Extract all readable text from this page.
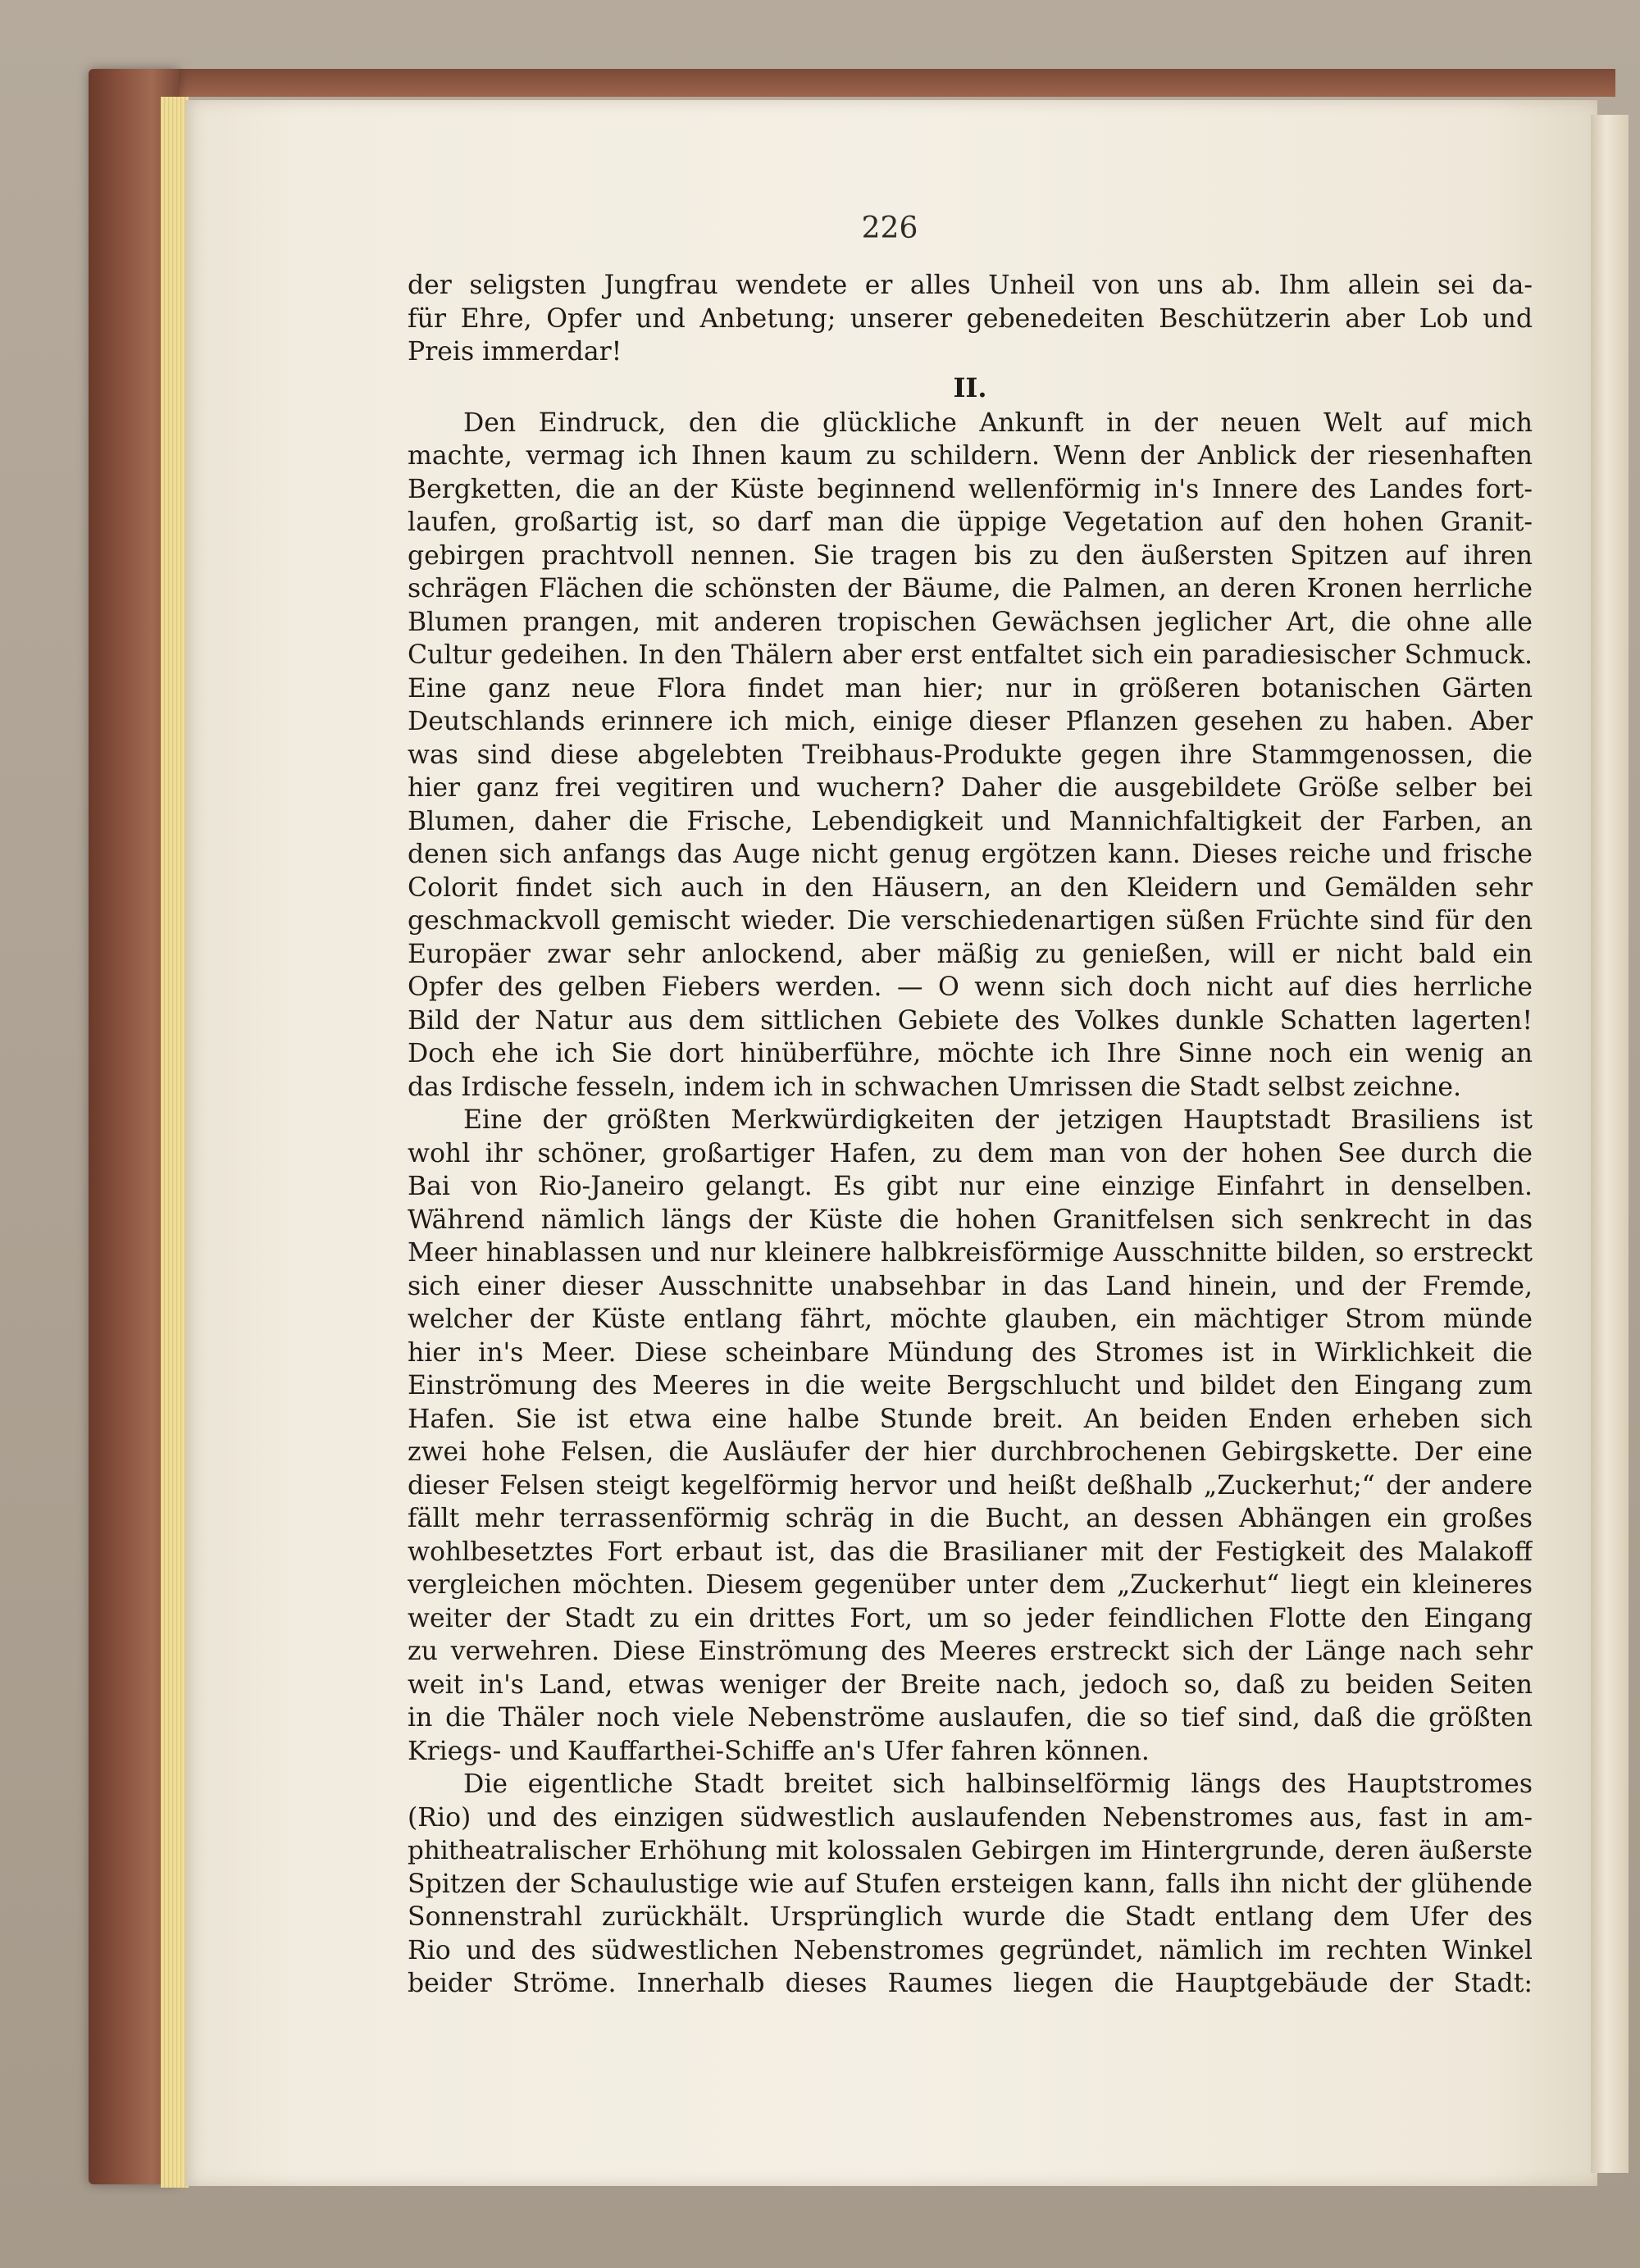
226

der seligsten Jungfrau wendete er alles Unheil von uns ab. Ihm allein sei da-
für Ehre, Opfer und Anbetung; unserer gebenedeiten Beschützerin aber Lob und
Preis immerdar!

II.

Den Eindruck, den die glückliche Ankunft in der neuen Welt auf mich
machte, vermag ich Ihnen kaum zu schildern. Wenn der Anblick der riesenhaften
Bergketten, die an der Küste beginnend wellenförmig in's Innere des Landes fort-
laufen, großartig ist, so darf man die üppige Vegetation auf den hohen Granit-
gebirgen prachtvoll nennen. Sie tragen bis zu den äußersten Spitzen auf ihren
schrägen Flächen die schönsten der Bäume, die Palmen, an deren Kronen herrliche
Blumen prangen, mit anderen tropischen Gewächsen jeglicher Art, die ohne alle
Cultur gedeihen. In den Thälern aber erst entfaltet sich ein paradiesischer Schmuck.
Eine ganz neue Flora findet man hier; nur in größeren botanischen Gärten
Deutschlands erinnere ich mich, einige dieser Pflanzen gesehen zu haben. Aber
was sind diese abgelebten Treibhaus-Produkte gegen ihre Stammgenossen, die
hier ganz frei vegitiren und wuchern? Daher die ausgebildete Größe selber bei
Blumen, daher die Frische, Lebendigkeit und Mannichfaltigkeit der Farben, an
denen sich anfangs das Auge nicht genug ergötzen kann. Dieses reiche und frische
Colorit findet sich auch in den Häusern, an den Kleidern und Gemälden sehr
geschmackvoll gemischt wieder. Die verschiedenartigen süßen Früchte sind für den
Europäer zwar sehr anlockend, aber mäßig zu genießen, will er nicht bald ein
Opfer des gelben Fiebers werden. — O wenn sich doch nicht auf dies herrliche
Bild der Natur aus dem sittlichen Gebiete des Volkes dunkle Schatten lagerten!
Doch ehe ich Sie dort hinüberführe, möchte ich Ihre Sinne noch ein wenig an
das Irdische fesseln, indem ich in schwachen Umrissen die Stadt selbst zeichne.

Eine der größten Merkwürdigkeiten der jetzigen Hauptstadt Brasiliens ist
wohl ihr schöner, großartiger Hafen, zu dem man von der hohen See durch die
Bai von Rio-Janeiro gelangt. Es gibt nur eine einzige Einfahrt in denselben.
Während nämlich längs der Küste die hohen Granitfelsen sich senkrecht in das
Meer hinablassen und nur kleinere halbkreisförmige Ausschnitte bilden, so erstreckt
sich einer dieser Ausschnitte unabsehbar in das Land hinein, und der Fremde,
welcher der Küste entlang fährt, möchte glauben, ein mächtiger Strom münde
hier in's Meer. Diese scheinbare Mündung des Stromes ist in Wirklichkeit die
Einströmung des Meeres in die weite Bergschlucht und bildet den Eingang zum
Hafen. Sie ist etwa eine halbe Stunde breit. An beiden Enden erheben sich
zwei hohe Felsen, die Ausläufer der hier durchbrochenen Gebirgskette. Der eine
dieser Felsen steigt kegelförmig hervor und heißt deßhalb „Zuckerhut;“ der andere
fällt mehr terrassenförmig schräg in die Bucht, an dessen Abhängen ein großes
wohlbesetztes Fort erbaut ist, das die Brasilianer mit der Festigkeit des Malakoff
vergleichen möchten. Diesem gegenüber unter dem „Zuckerhut“ liegt ein kleineres
weiter der Stadt zu ein drittes Fort, um so jeder feindlichen Flotte den Eingang
zu verwehren. Diese Einströmung des Meeres erstreckt sich der Länge nach sehr
weit in's Land, etwas weniger der Breite nach, jedoch so, daß zu beiden Seiten
in die Thäler noch viele Nebenströme auslaufen, die so tief sind, daß die größten
Kriegs- und Kauffarthei-Schiffe an's Ufer fahren können.

Die eigentliche Stadt breitet sich halbinselförmig längs des Hauptstromes
(Rio) und des einzigen südwestlich auslaufenden Nebenstromes aus, fast in am-
phitheatralischer Erhöhung mit kolossalen Gebirgen im Hintergrunde, deren äußerste
Spitzen der Schaulustige wie auf Stufen ersteigen kann, falls ihn nicht der glühende
Sonnenstrahl zurückhält. Ursprünglich wurde die Stadt entlang dem Ufer des
Rio und des südwestlichen Nebenstromes gegründet, nämlich im rechten Winkel
beider Ströme. Innerhalb dieses Raumes liegen die Hauptgebäude der Stadt:
